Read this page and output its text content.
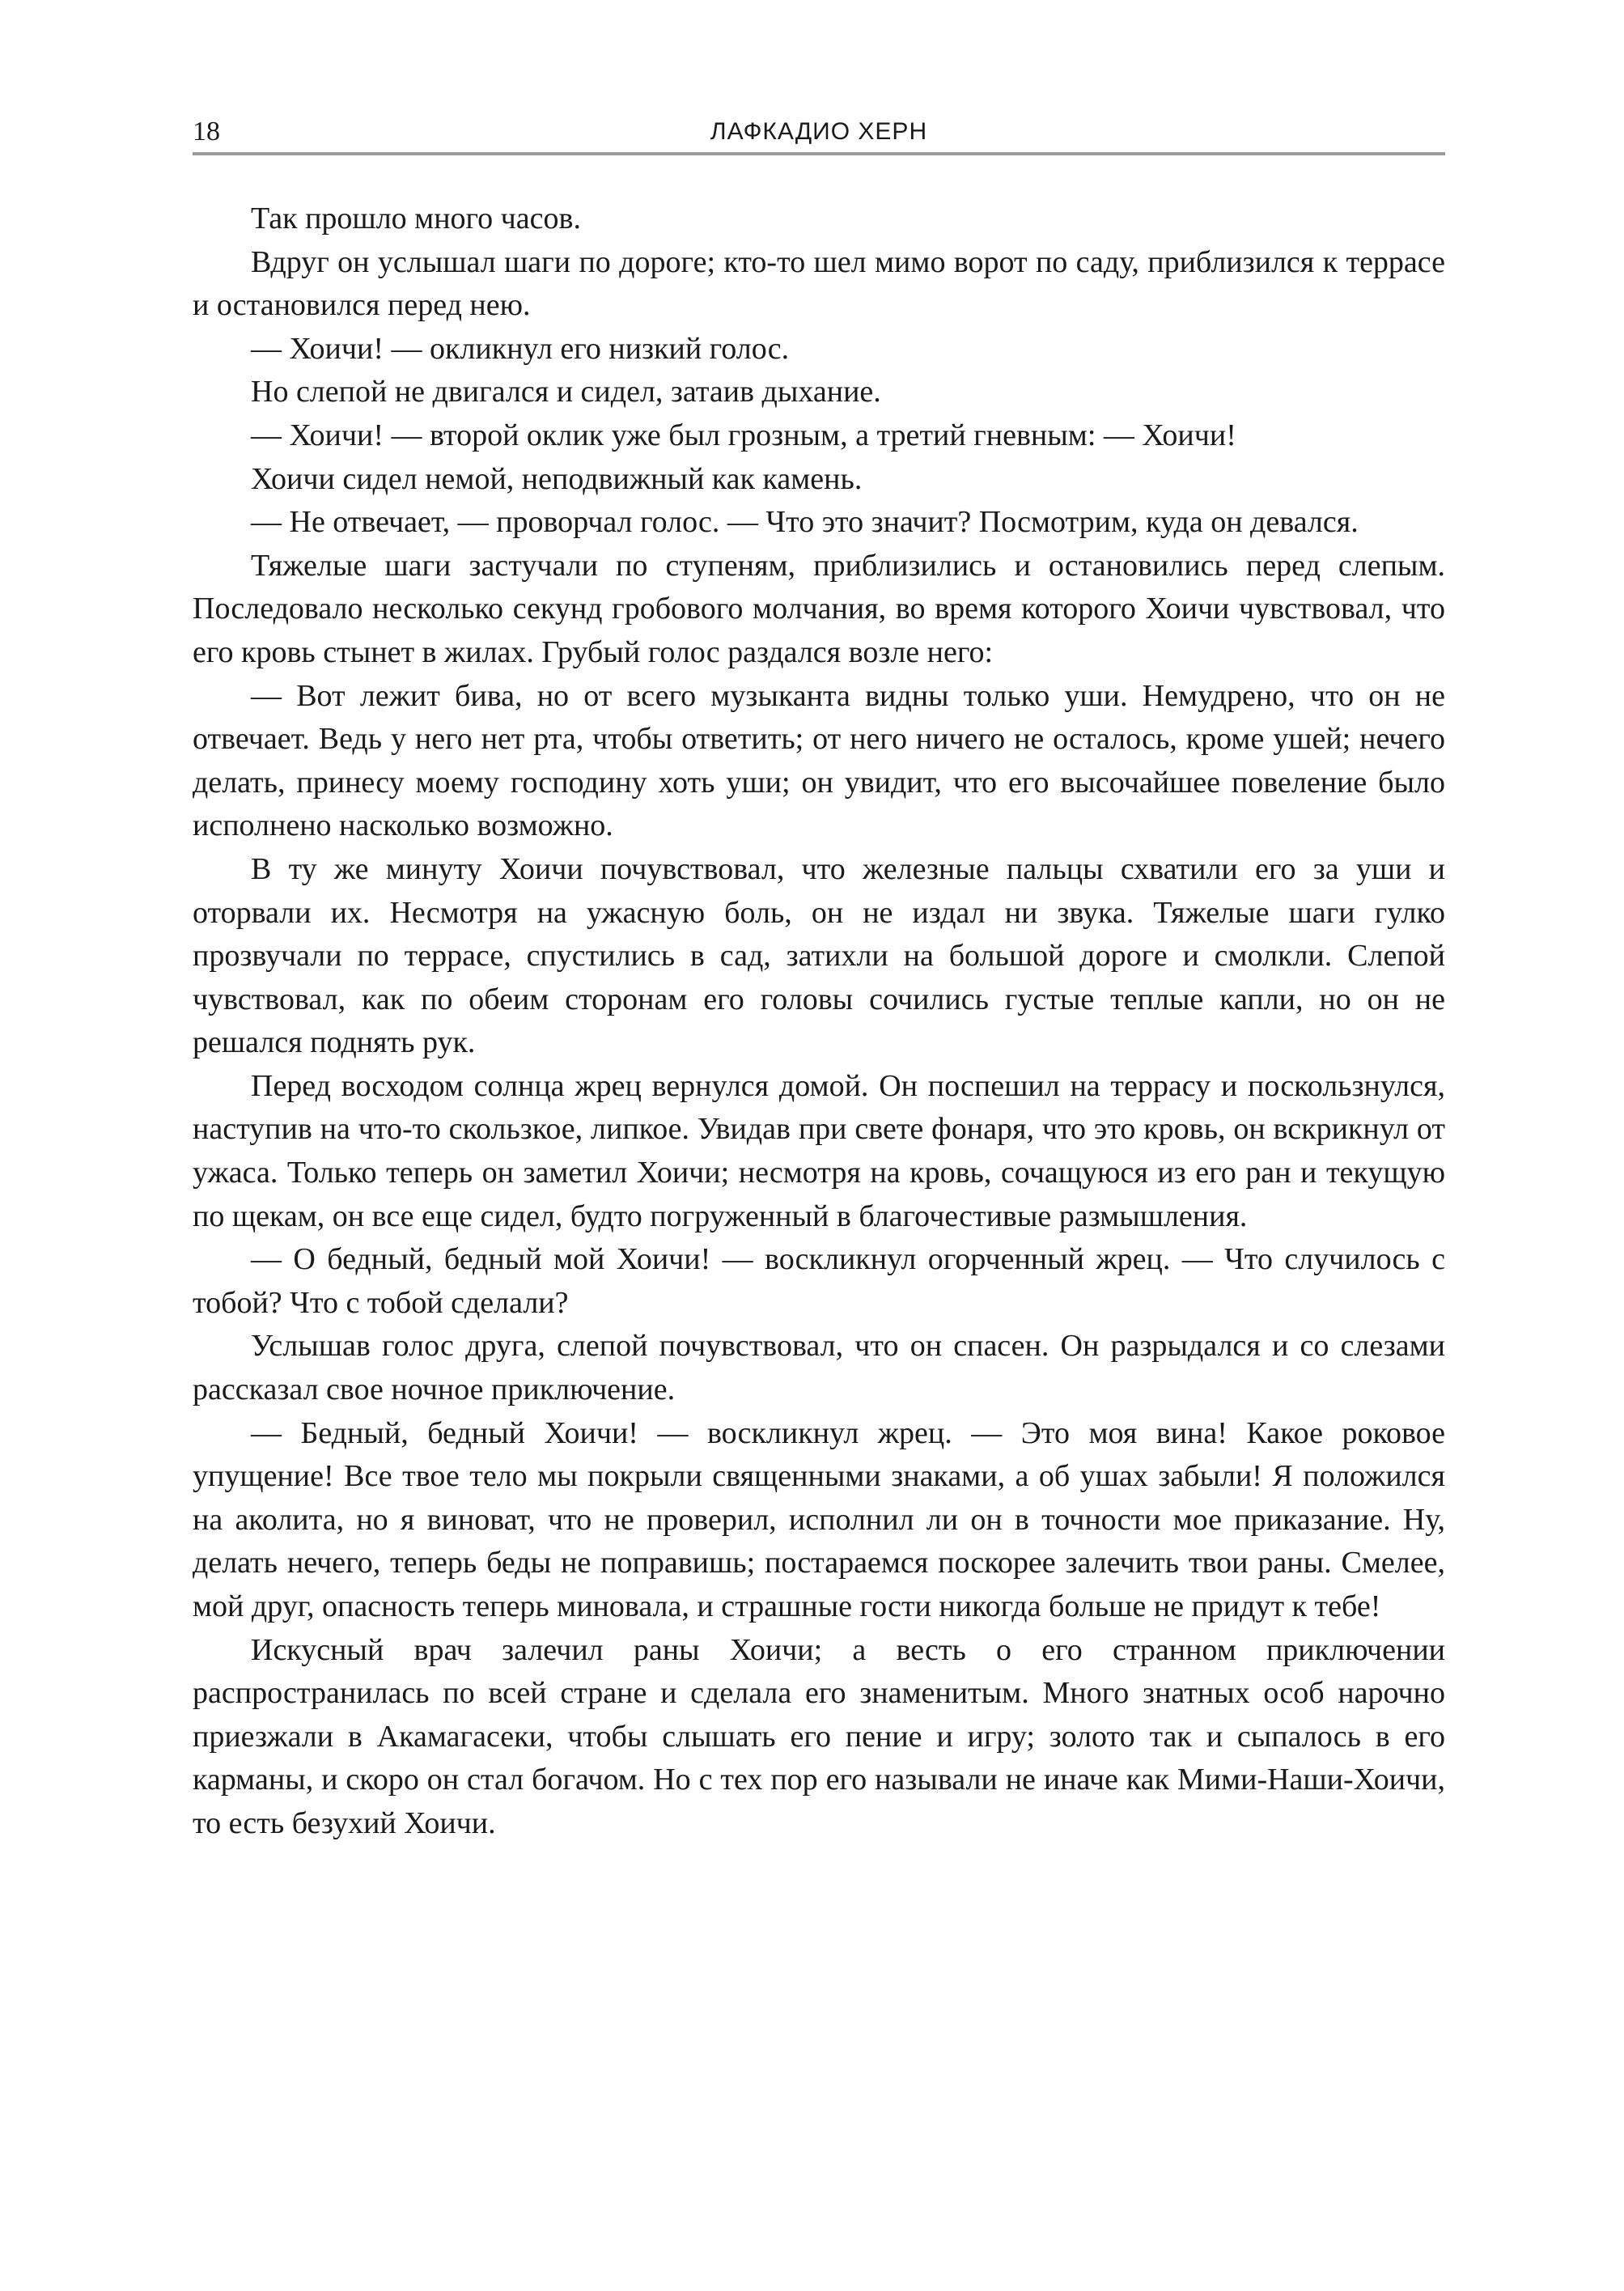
18	ЛАФКАДИО ХЕРН

Так прошло много часов.

Вдруг он услышал шаги по дороге; кто-то шел мимо ворот по саду, приблизился к террасе и остановился перед нею.

— Хоичи! — окликнул его низкий голос.

Но слепой не двигался и сидел, затаив дыхание.

— Хоичи! — второй оклик уже был грозным, а третий гневным: — Хоичи!

Хоичи сидел немой, неподвижный как камень.

— Не отвечает, — проворчал голос. — Что это значит? Посмотрим, куда он девался.

Тяжелые шаги застучали по ступеням, приблизились и остановились перед слепым. Последовало несколько секунд гробового молчания, во время которого Хоичи чувствовал, что его кровь стынет в жилах. Грубый голос раздался возле него:

— Вот лежит бива, но от всего музыканта видны только уши. Немудрено, что он не отвечает. Ведь у него нет рта, чтобы ответить; от него ничего не осталось, кроме ушей; нечего делать, принесу моему господину хоть уши; он увидит, что его высочайшее повеление было исполнено насколько возможно.

В ту же минуту Хоичи почувствовал, что железные пальцы схватили его за уши и оторвали их. Несмотря на ужасную боль, он не издал ни звука. Тяжелые шаги гулко прозвучали по террасе, спустились в сад, затихли на большой дороге и смолкли. Слепой чувствовал, как по обеим сторонам его головы сочились густые теплые капли, но он не решался поднять рук.

Перед восходом солнца жрец вернулся домой. Он поспешил на террасу и поскользнулся, наступив на что-то скользкое, липкое. Увидав при свете фонаря, что это кровь, он вскрикнул от ужаса. Только теперь он заметил Хоичи; несмотря на кровь, сочащуюся из его ран и текущую по щекам, он все еще сидел, будто погруженный в благочестивые размышления.

— О бедный, бедный мой Хоичи! — воскликнул огорченный жрец. — Что случилось с тобой? Что с тобой сделали?

Услышав голос друга, слепой почувствовал, что он спасен. Он разрыдался и со слезами рассказал свое ночное приключение.

— Бедный, бедный Хоичи! — воскликнул жрец. — Это моя вина! Какое роковое упущение! Все твое тело мы покрыли священными знаками, а об ушах забыли! Я положился на аколита, но я виноват, что не проверил, исполнил ли он в точности мое приказание. Ну, делать нечего, теперь беды не поправишь; постараемся поскорее залечить твои раны. Смелее, мой друг, опасность теперь миновала, и страшные гости никогда больше не придут к тебе!

Искусный врач залечил раны Хоичи; а весть о его странном приключении распространилась по всей стране и сделала его знаменитым. Много знатных особ нарочно приезжали в Акамагасеки, чтобы слышать его пение и игру; золото так и сыпалось в его карманы, и скоро он стал богачом. Но с тех пор его называли не иначе как Мими-Наши-Хоичи, то есть безухий Хоичи.
